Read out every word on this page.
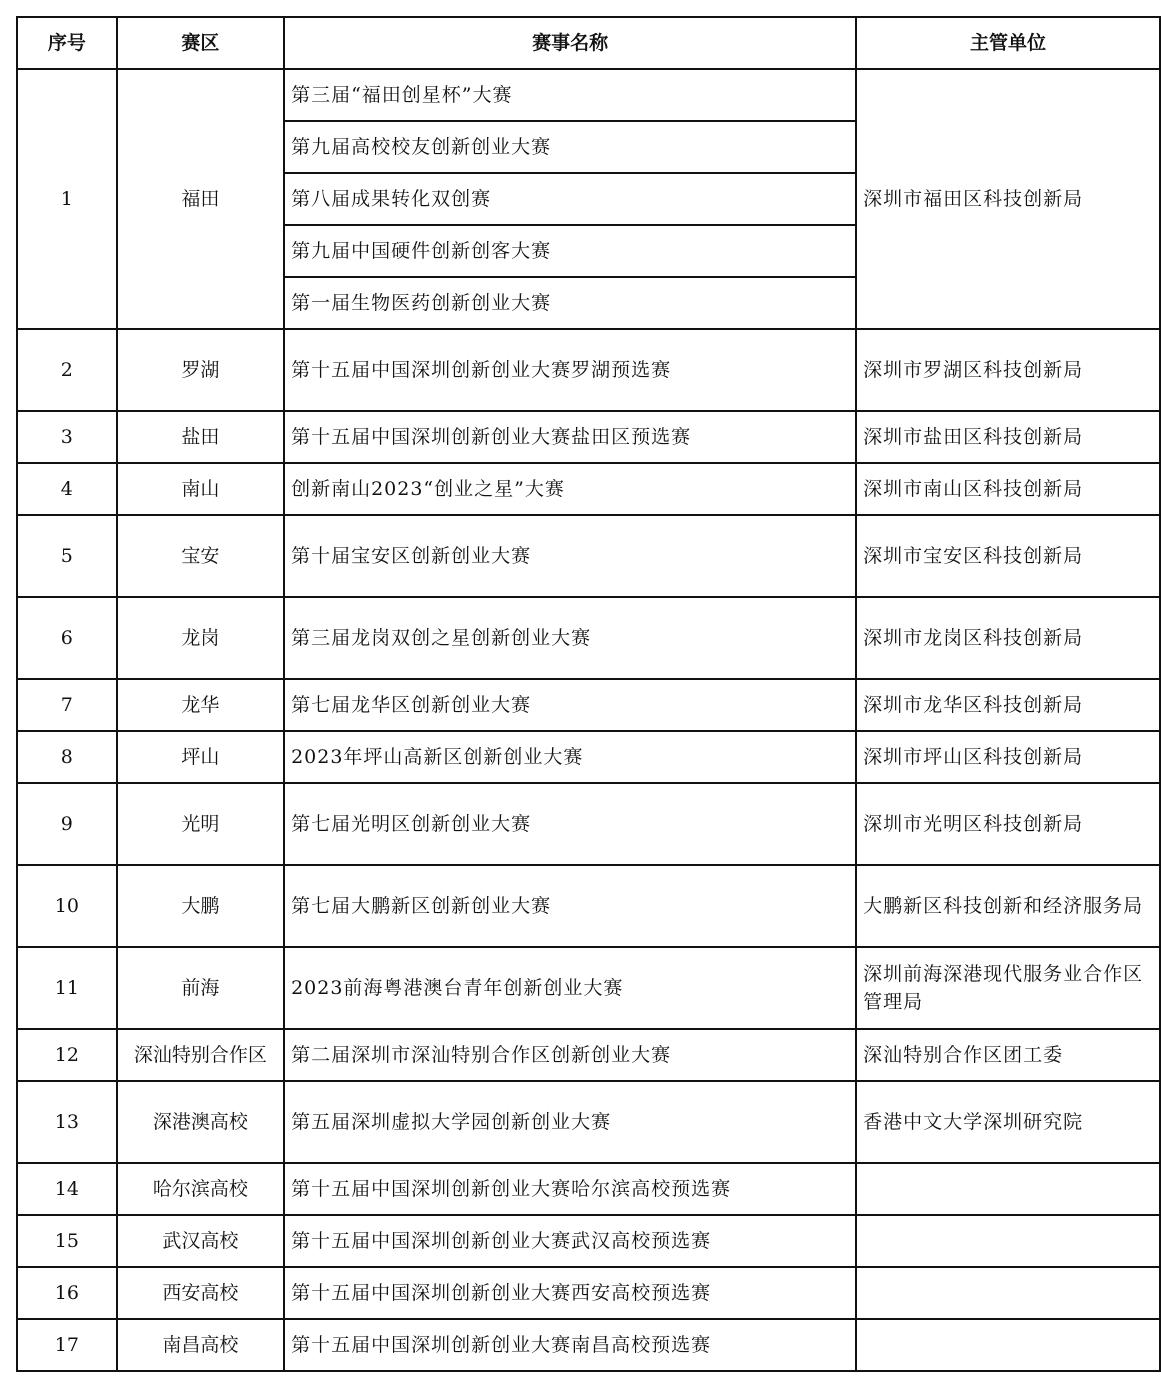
序号	赛区	赛事名称	主管单位
1	福田	第三届“福田创星杯”大赛	深圳市福田区科技创新局
		第九届高校校友创新创业大赛	
		第八届成果转化双创赛	
		第九届中国硬件创新创客大赛	
		第一届生物医药创新创业大赛	
2	罗湖	第十五届中国深圳创新创业大赛罗湖预选赛	深圳市罗湖区科技创新局
3	盐田	第十五届中国深圳创新创业大赛盐田区预选赛	深圳市盐田区科技创新局
4	南山	创新南山2023“创业之星”大赛	深圳市南山区科技创新局
5	宝安	第十届宝安区创新创业大赛	深圳市宝安区科技创新局
6	龙岗	第三届龙岗双创之星创新创业大赛	深圳市龙岗区科技创新局
7	龙华	第七届龙华区创新创业大赛	深圳市龙华区科技创新局
8	坪山	2023年坪山高新区创新创业大赛	深圳市坪山区科技创新局
9	光明	第七届光明区创新创业大赛	深圳市光明区科技创新局
10	大鹏	第七届大鹏新区创新创业大赛	大鹏新区科技创新和经济服务局
11	前海	2023前海粤港澳台青年创新创业大赛	深圳前海深港现代服务业合作区管理局
12	深汕特别合作区	第二届深圳市深汕特别合作区创新创业大赛	深汕特别合作区团工委
13	深港澳高校	第五届深圳虚拟大学园创新创业大赛	香港中文大学深圳研究院
14	哈尔滨高校	第十五届中国深圳创新创业大赛哈尔滨高校预选赛	
15	武汉高校	第十五届中国深圳创新创业大赛武汉高校预选赛	
16	西安高校	第十五届中国深圳创新创业大赛西安高校预选赛	
17	南昌高校	第十五届中国深圳创新创业大赛南昌高校预选赛	
